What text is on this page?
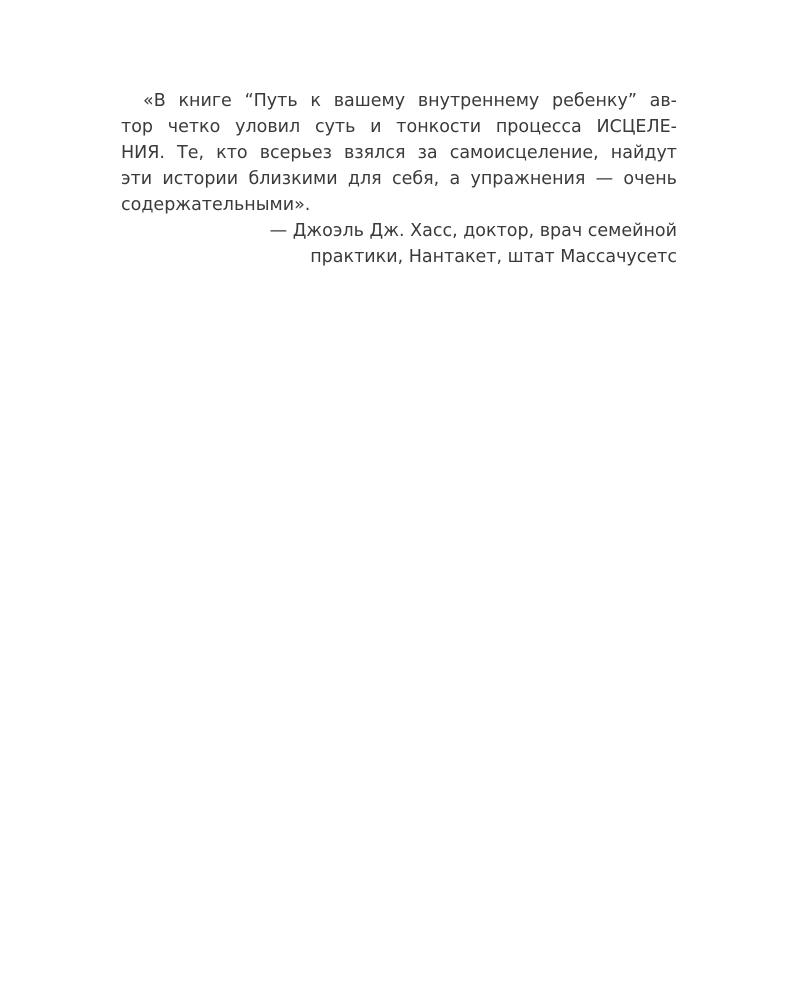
«В книге “Путь к вашему внутреннему ребенку” ав-
тор четко уловил суть и тонкости процесса ИСЦЕЛЕ-
НИЯ. Те, кто всерьез взялся за самоисцеление, найдут
эти истории близкими для себя, а упражнения — очень
содержательными».
— Джоэль Дж. Хасс, доктор, врач семейной
практики, Нантакет, штат Массачусетс
